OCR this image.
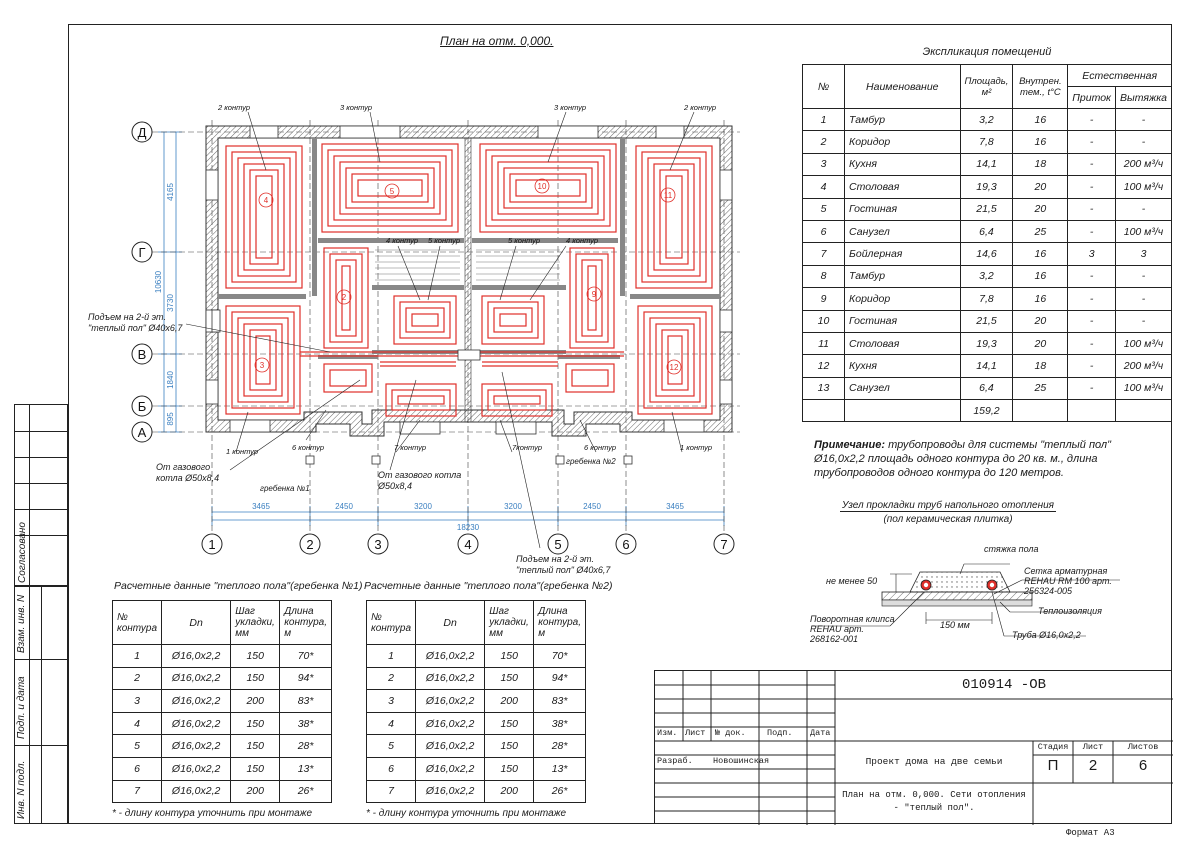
Согласовано
Взам. инв. N
Подп. и дата
Инв. N подл.
План на отм. 0,000.
4
5
10
11
2	9
3	12
1	2	3	4	5	6	7
Д
Г
В
Б
А
3465	2450	3200	3200	2450	3465
18230
4165
3730
1840
895
10630
2 контур	3 контур	3 контур	2 контур
4 контур 5 контур	5 контур	4 контур
6 контур	7 контур	7контур	6 контур
1 контур	1 контур
Подъем на 2-й эт. "теплый пол" Ø40x6,7
От газового котла Ø50x8,4	От газового котла Ø50x8,4
гребенка №1
гребенка №2
Подъем на 2-й эт. "теплый пол" Ø40x6,7
Экспликация помещений
№	Наименование	Площадь, м²	Внутрен. тем., t°C	Естественная	
				Приток	Вытяжка
1	Тамбур	3,2	16	-	-
2	Коридор	7,8	16	-	-
3	Кухня	14,1	18	-	200 м³/ч
4	Столовая	19,3	20	-	100 м³/ч
5	Гостиная	21,5	20	-	-
6	Санузел	6,4	25	-	100 м³/ч
7	Бойлерная	14,6	16	3	3
8	Тамбур	3,2	16	-	-
9	Коридор	7,8	16	-	-
10	Гостиная	21,5	20	-	-
11	Столовая	19,3	20	-	100 м³/ч
12	Кухня	14,1	18	-	200 м³/ч
13	Санузел	6,4	25	-	100 м³/ч
		159,2			
Примечание: трубопроводы для системы "теплый пол" Ø16,0x2,2 площадь одного контура до 20 кв. м., длина трубопроводов одного контура до 120 метров.
Узел прокладки труб напольного отопления
(пол керамическая плитка)
стяжка пола
не менее 50
Сетка арматурная REHAU RM 100 арт. 256324-005
Теплоизоляция
Поворотная клипса REHAU арт. 268162-001
150 мм
Труба Ø16,0x2,2
Расчетные данные "теплого пола"(гребенка №1)
№ контура	Dn	Шаг укладки, мм	Длина контура, м
1	Ø16,0x2,2	150	70*
2	Ø16,0x2,2	150	94*
3	Ø16,0x2,2	200	83*
4	Ø16,0x2,2	150	38*
5	Ø16,0x2,2	150	28*
6	Ø16,0x2,2	150	13*
7	Ø16,0x2,2	200	26*
* - длину контура уточнить при монтаже
Расчетные данные "теплого пола"(гребенка №2)
№ контура	Dn	Шаг укладки, мм	Длина контура, м
1	Ø16,0x2,2	150	70*
2	Ø16,0x2,2	150	94*
3	Ø16,0x2,2	200	83*
4	Ø16,0x2,2	150	38*
5	Ø16,0x2,2	150	28*
6	Ø16,0x2,2	150	13*
7	Ø16,0x2,2	200	26*
* - длину контура уточнить при монтаже
010914 -ОВ
Изм. Лист № док.	Подп. Дата
Разраб. Новошинская	Проект дома на две семьи
План на отм. 0,000. Сети отопления - "теплый пол".
Стадия	Лист	Листов
П	2	6
Формат А3
